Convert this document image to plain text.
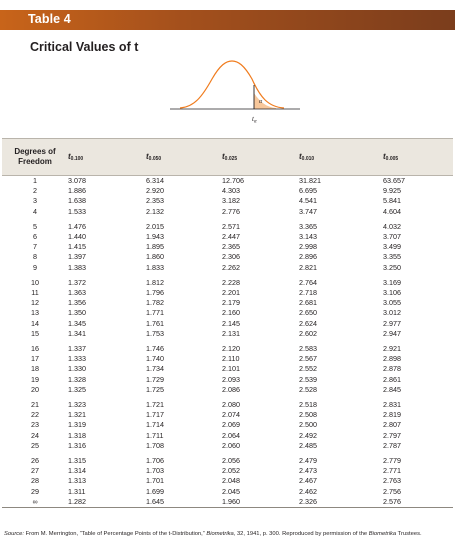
Table 4
Critical Values of t
α
$t_\alpha$
Degrees of
Freedom	$t_{0.100}$	$t_{0.050}$	$t_{0.025}$	$t_{0.010}$	$t_{0.005}$
1	3.078	6.314	12.706	31.821	63.657
2	1.886	2.920	4.303	6.695	9.925
3	1.638	2.353	3.182	4.541	5.841
4	1.533	2.132	2.776	3.747	4.604
5	1.476	2.015	2.571	3.365	4.032
6	1.440	1.943	2.447	3.143	3.707
7	1.415	1.895	2.365	2.998	3.499
8	1.397	1.860	2.306	2.896	3.355
9	1.383	1.833	2.262	2.821	3.250
10	1.372	1.812	2.228	2.764	3.169
11	1.363	1.796	2.201	2.718	3.106
12	1.356	1.782	2.179	2.681	3.055
13	1.350	1.771	2.160	2.650	3.012
14	1.345	1.761	2.145	2.624	2.977
15	1.341	1.753	2.131	2.602	2.947
16	1.337	1.746	2.120	2.583	2.921
17	1.333	1.740	2.110	2.567	2.898
18	1.330	1.734	2.101	2.552	2.878
19	1.328	1.729	2.093	2.539	2.861
20	1.325	1.725	2.086	2.528	2.845
21	1.323	1.721	2.080	2.518	2.831
22	1.321	1.717	2.074	2.508	2.819
23	1.319	1.714	2.069	2.500	2.807
24	1.318	1.711	2.064	2.492	2.797
25	1.316	1.708	2.060	2.485	2.787
26	1.315	1.706	2.056	2.479	2.779
27	1.314	1.703	2.052	2.473	2.771
28	1.313	1.701	2.048	2.467	2.763
29	1.311	1.699	2.045	2.462	2.756
∞	1.282	1.645	1.960	2.326	2.576
Source: From M. Merrington, “Table of Percentage Points of the t-Distribution,” Biometrika, 32, 1941, p. 300. Reproduced by permission of the Biometrika Trustees.
